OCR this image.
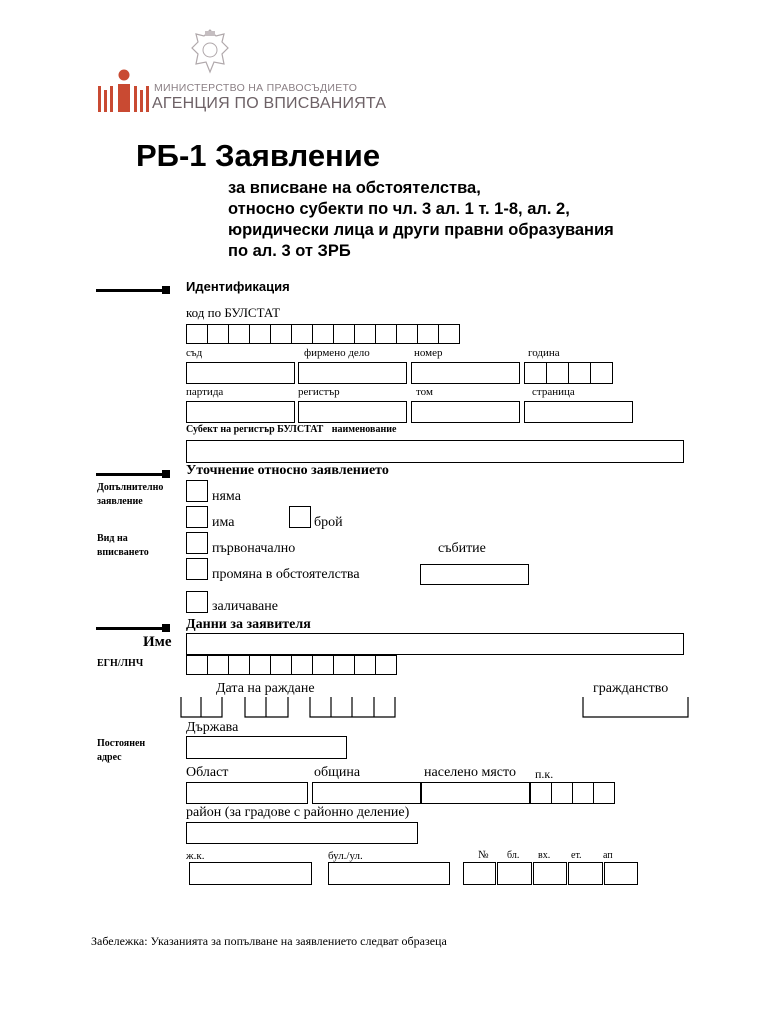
МИНИСТЕРСТВО НА ПРАВОСЪДИЕТО
АГЕНЦИЯ ПО ВПИСВАНИЯТА
РБ-1 Заявление
за вписване на обстоятелства,
относно субекти по чл. 3 ал. 1 т. 1-8, ал. 2,
юридически лица и други правни образувания
по ал. 3 от ЗРБ
Идентификация
код по БУЛСТАТ
съд	фирмено дело	номер	година
партида	регистър	том	страница
Субект на регистър БУЛСТАТ наименование
Уточнение относно заявлението
Допълнително заявление	няма
има	брой
Вид на вписването	първоначално	събитие
промяна в обстоятелства
заличаване
Данни за заявителя
Име
ЕГН/ЛНЧ
Дата на раждане	гражданство
Държава
Постоянен адрес
Област	община	населено място п.к.
район (за градове с районно деление)
ж.к.	бул./ул.	№ бл. вх. ет. ап
Забележка: Указанията за попълване на заявлението следват образеца
